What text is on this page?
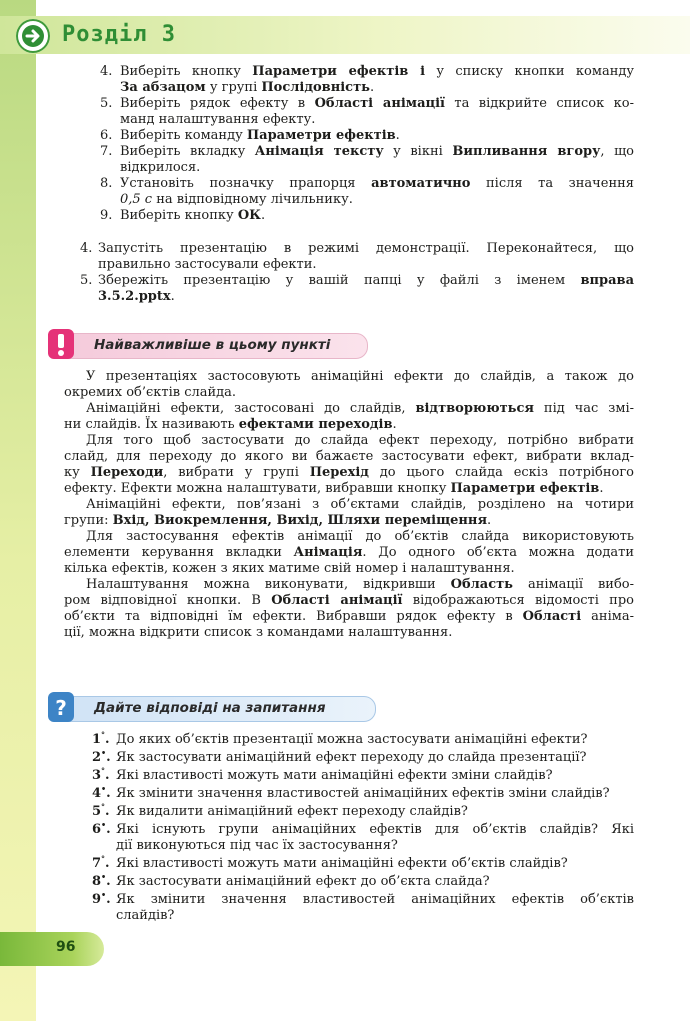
Розділ 3
4. Виберіть кнопку Параметри ефектів і у списку кнопки команду
За абзацом у групі Послідовність.
5. Виберіть рядок ефекту в Області анімації та відкрийте список ко-
манд налаштування ефекту.
6. Виберіть команду Параметри ефектів.
7. Виберіть вкладку Анімація тексту у вікні Випливання вгору, що
відкрилося.
8. Установіть позначку прапорця автоматично після та значення
0,5 с на відповідному лічильнику.
9. Виберіть кнопку ОК.
4. Запустіть презентацію в режимі демонстрації. Переконайтеся, що
правильно застосували ефекти.
5. Збережіть презентацію у вашій папці у файлі з іменем вправа
3.5.2.pptx.
Найважливіше в цьому пункті
У презентаціях застосовують анімаційні ефекти до слайдів, а також до
окремих об’єктів слайда.
Анімаційні ефекти, застосовані до слайдів, відтворюються під час змі-
ни слайдів. Їх називають ефектами переходів.
Для того щоб застосувати до слайда ефект переходу, потрібно вибрати
слайд, для переходу до якого ви бажаєте застосувати ефект, вибрати вклад-
ку Переходи, вибрати у групі Перехід до цього слайда ескіз потрібного
ефекту. Ефекти можна налаштувати, вибравши кнопку Параметри ефектів.
Анімаційні ефекти, пов’язані з об’єктами слайдів, розділено на чотири
групи: Вхід, Виокремлення, Вихід, Шляхи переміщення.
Для застосування ефектів анімації до об’єктів слайда використовують
елементи керування вкладки Анімація. До одного об’єкта можна додати
кілька ефектів, кожен з яких матиме свій номер і налаштування.
Налаштування можна виконувати, відкривши Область анімації вибо-
ром відповідної кнопки. В Області анімації відображаються відомості про
об’єкти та відповідні їм ефекти. Вибравши рядок ефекту в Області аніма-
ції, можна відкрити список з командами налаштування.
? Дайте відповіді на запитання
1°. До яких об’єктів презентації можна застосувати анімаційні ефекти?
2•. Як застосувати анімаційний ефект переходу до слайда презентації?
3°. Які властивості можуть мати анімаційні ефекти зміни слайдів?
4•. Як змінити значення властивостей анімаційних ефектів зміни слайдів?
5°. Як видалити анімаційний ефект переходу слайдів?
6•. Які існують групи анімаційних ефектів для об’єктів слайдів? Які
дії виконуються під час їх застосування?
7°. Які властивості можуть мати анімаційні ефекти об’єктів слайдів?
8•. Як застосувати анімаційний ефект до об’єкта слайда?
9•. Як змінити значення властивостей анімаційних ефектів об’єктів
слайдів?
96
